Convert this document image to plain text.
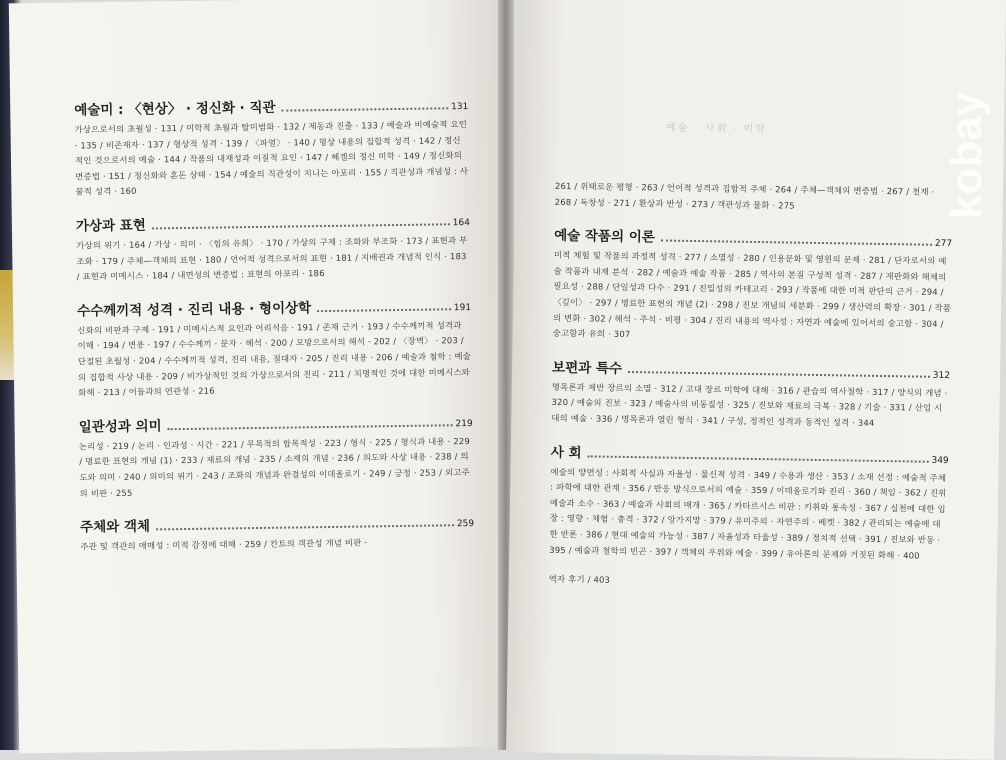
예술미 : 〈현상〉 · 정신화 · 직관	131
가상으로서의 초월성 · 131 / 미학적 초월과 탈미범화 · 132 / 제동과 진출 · 133 / 예술과 비예술적 요인 · 135 / 비존재자 · 137 / 형상적 성격 · 139 / 〈파열〉 · 140 / 형상 내용의 집합적 성격 · 142 / 정신적인 것으로서의 예술 · 144 / 작품의 내재성과 이질적 요인 · 147 / 헤겔의 정신 미학 · 149 / 정신화의 변증법 · 151 / 정신화와 혼돈 상태 · 154 / 예술의 직관성이 지니는 아포리 · 155 / 직관성과 개념성 : 사물적 성격 · 160
가상과 표현	164
가상의 위기 · 164 / 가상 · 의미 · 〈힘의 유희〉 · 170 / 가상의 구제 : 조화와 부조화 · 173 / 표현과 부조화 · 179 / 주체—객체의 표현 · 180 / 언어적 성격으로서의 표현 · 181 / 지배권과 개념적 인식 · 183 / 표현과 미메시스 · 184 / 내면성의 변증법 : 표현의 아포리 · 186
수수께끼적 성격 · 진리 내용 · 형이상학	191
신화의 비판과 구제 · 191 / 미메시스적 요인과 어리석음 · 191 / 존재 근거 · 193 / 수수께끼적 성격과 이해 · 194 / 변용 · 197 / 수수께끼 · 문자 · 해석 · 200 / 모방으로서의 해석 · 202 / 〈장벽〉 · 203 / 단절된 초월성 · 204 / 수수께끼적 성격, 진리 내용, 절대자 · 205 / 진리 내용 · 206 / 예술과 철학 : 예술의 집합적 사상 내용 · 209 / 비가상적인 것의 가상으로서의 진리 · 211 / 치명적인 것에 대한 미메시스와 화해 · 213 / 어둠과의 연관성 · 216
일관성과 의미	219
논리성 · 219 / 논리 · 인과성 · 시간 · 221 / 무목적의 합목적성 · 223 / 형식 · 225 / 형식과 내용 · 229 / 명료한 표현의 개념 (1) · 233 / 재료의 개념 · 235 / 소재의 개념 · 236 / 의도와 사상 내용 · 238 / 의도와 의미 · 240 / 의미의 위기 · 243 / 조화의 개념과 완결성의 이데올로기 · 249 / 긍정 · 253 / 외고주의 비판 · 255
주체와 객체	259
주관 및 객관의 애매성 : 미적 감정에 대해 · 259 / 칸트의 객관성 개념 비판 ·
예술 · 사회 · 미학
261 / 위태로운 평형 · 263 / 언어적 성격과 집합적 주체 · 264 / 주체—객체의 변증법 · 267 / 천재 · 268 / 독창성 · 271 / 환상과 반성 · 273 / 객관성과 물화 · 275
예술 작품의 이론	277
미적 체험 및 작품의 과정적 성격 · 277 / 소멸성 · 280 / 인용문화 및 영원의 문제 · 281 / 단자로서의 예술 작품과 내재 분석 · 282 / 예술과 예술 작품 · 285 / 역사의 본질 구성적 성격 · 287 / 재판화와 해체의 필요성 · 288 / 단일성과 다수 · 291 / 진밀성의 카테고리 · 293 / 작품에 대한 미적 판단의 근거 · 294 / 〈깊이〉 · 297 / 명료한 표현의 개념 (2) · 298 / 진보 개념의 세분화 · 299 / 생산력의 확장 · 301 / 작품의 변화 · 302 / 해석 · 주석 · 비평 · 304 / 진리 내용의 역사성 : 자연과 예술에 있어서의 숭고함 · 304 / 숭고함과 유희 · 307
보편과 특수	312
명목론과 제반 장르의 소멸 · 312 / 고대 장르 미학에 대해 · 316 / 관습의 역사철학 · 317 / 양식의 개념 · 320 / 예술의 진보 · 323 / 예술사의 비동질성 · 325 / 진보와 재료의 극복 · 328 / 기술 · 331 / 산업 시대의 예술 · 336 / 명목론과 열린 형식 · 341 / 구성, 정적인 성격과 동적인 성격 · 344
사 회	349
예술의 양면성 : 사회적 사실과 자율성 · 물신적 성격 · 349 / 수용과 생산 · 353 / 소재 선정 : 예술적 주체 : 파학에 대한 관계 · 356 / 반응 방식으로서의 예술 · 359 / 이데올로기와 진리 · 360 / 책임 · 362 / 진위 예술과 소수 · 363 / 예술과 사회의 매개 · 365 / 카타르시스 비판 : 키취와 통속성 · 367 / 실천에 대한 입장 : 영향 · 체험 · 충격 · 372 / 앙가지망 · 379 / 유미주의 · 자연주의 · 베켓 · 382 / 관리되는 예술에 대한 반론 · 386 / 현대 예술의 가능성 · 387 / 자율성과 타율성 · 389 / 정치적 선택 · 391 / 진보와 반동 · 395 / 예술과 철학의 빈곤 · 397 / 객체의 우위와 예술 · 399 / 유아론의 문제와 거짓된 화해 · 400
역자 후기 / 403
kobay
